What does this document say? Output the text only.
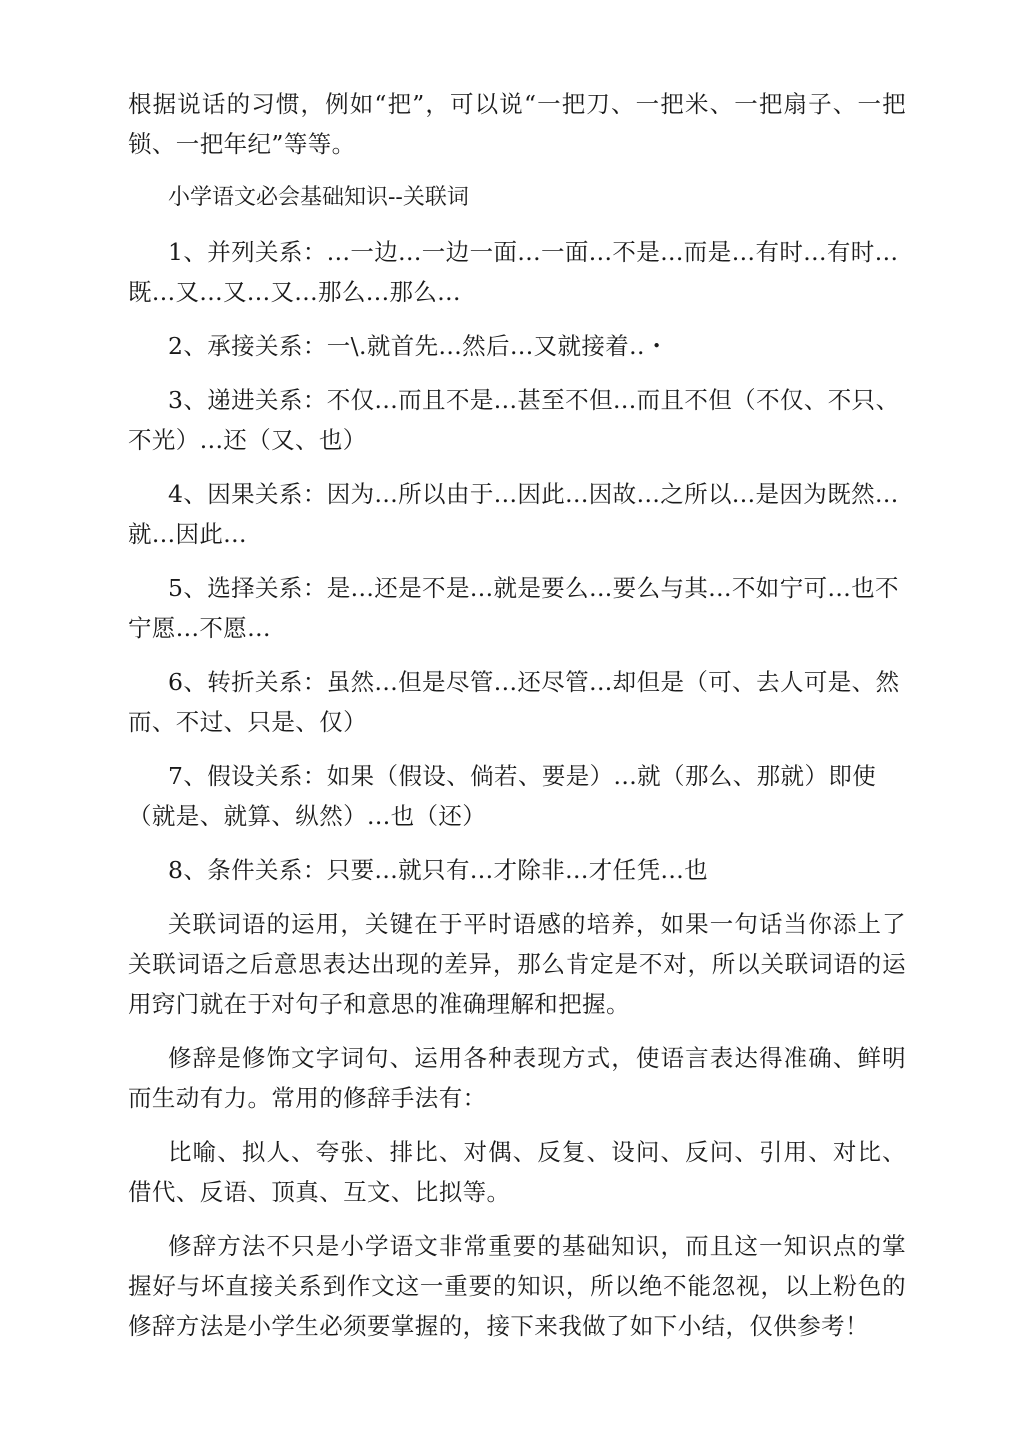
根据说话的习惯，例如“把”，可以说“一把刀、一把米、一把扇子、一把锁、一把年纪”等等。

小学语文必会基础知识--关联词

1、并列关系：...一边...一边一面...一面...不是...而是…有时...有时...既...又...又...又...那么...那么...

2、承接关系：一\.就首先...然后...又就接着..・

3、递进关系：不仅...而且不是...甚至不但...而且不但（不仅、不只、不光）...还（又、也）

4、因果关系：因为...所以由于...因此...因故...之所以...是因为既然...就...因此...

5、选择关系：是...还是不是...就是要么...要么与其...不如宁可...也不宁愿...不愿...

6、转折关系：虽然...但是尽管...还尽管...却但是（可、去人可是、然而、不过、只是、仅）

7、假设关系：如果（假设、倘若、要是）...就（那么、那就）即使（就是、就算、纵然）...也（还）

8、条件关系：只要...就只有...才除非...才任凭...也

关联词语的运用，关键在于平时语感的培养，如果一句话当你添上了关联词语之后意思表达出现的差异，那么肯定是不对，所以关联词语的运用窍门就在于对句子和意思的准确理解和把握。

修辞是修饰文字词句、运用各种表现方式，使语言表达得准确、鲜明而生动有力。常用的修辞手法有：

比喻、拟人、夸张、排比、对偶、反复、设问、反问、引用、对比、借代、反语、顶真、互文、比拟等。

修辞方法不只是小学语文非常重要的基础知识，而且这一知识点的掌握好与坏直接关系到作文这一重要的知识，所以绝不能忽视，以上粉色的修辞方法是小学生必须要掌握的，接下来我做了如下小结，仅供参考！
